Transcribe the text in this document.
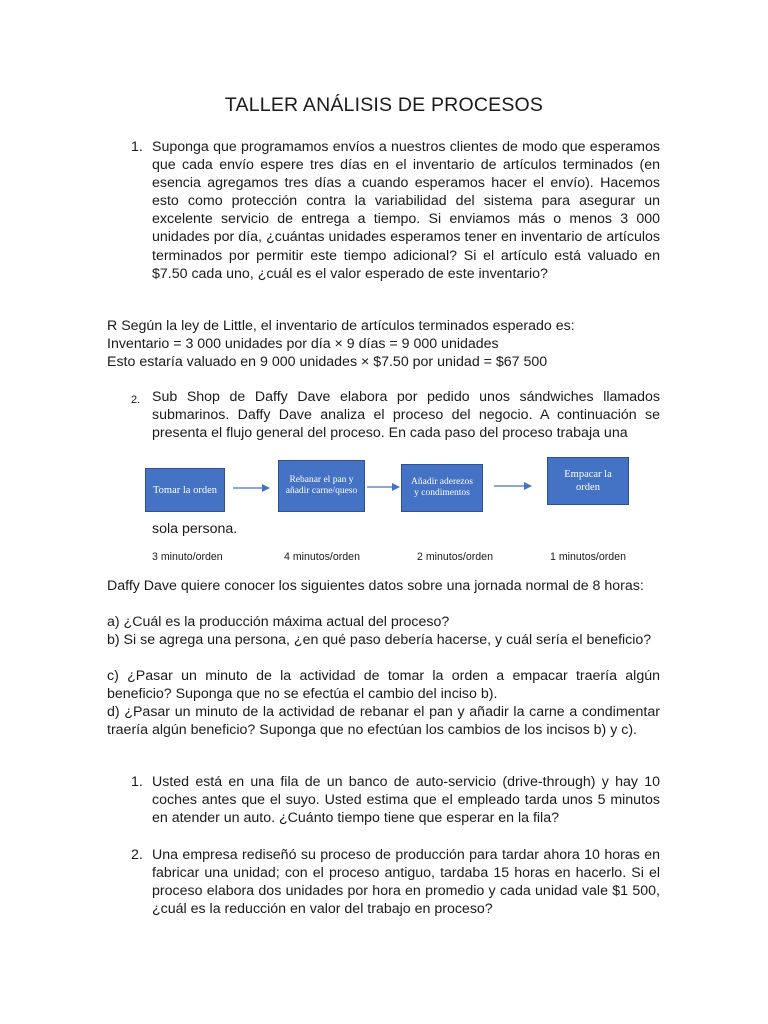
TALLER ANÁLISIS DE PROCESOS
1. Suponga que programamos envíos a nuestros clientes de modo que esperamos que cada envío espere tres días en el inventario de artículos terminados (en esencia agregamos tres días a cuando esperamos hacer el envío). Hacemos esto como protección contra la variabilidad del sistema para asegurar un excelente servicio de entrega a tiempo. Si enviamos más o menos 3 000 unidades por día, ¿cuántas unidades esperamos tener en inventario de artículos terminados por permitir este tiempo adicional? Si el artículo está valuado en $7.50 cada uno, ¿cuál es el valor esperado de este inventario?

R Según la ley de Little, el inventario de artículos terminados esperado es:
Inventario = 3 000 unidades por día × 9 días = 9 000 unidades
Esto estaría valuado en 9 000 unidades × $7.50 por unidad = $67 500
2. Sub Shop de Daffy Dave elabora por pedido unos sándwiches llamados submarinos. Daffy Dave analiza el proceso del negocio. A continuación se presenta el flujo general del proceso. En cada paso del proceso trabaja una

Tomar la orden
Rebanar el pan y añadir carne/queso
Añadir aderezos y condimentos
Empacar la orden
sola persona.
3 minuto/orden	4 minutos/orden	2 minutos/orden	1 minutos/orden

Daffy Dave quiere conocer los siguientes datos sobre una jornada normal de 8 horas:

a) ¿Cuál es la producción máxima actual del proceso?

b) Si se agrega una persona, ¿en qué paso debería hacerse, y cuál sería el beneficio?

c) ¿Pasar un minuto de la actividad de tomar la orden a empacar traería algún beneficio? Suponga que no se efectúa el cambio del inciso b).

d) ¿Pasar un minuto de la actividad de rebanar el pan y añadir la carne a condimentar traería algún beneficio? Suponga que no efectúan los cambios de los incisos b) y c).

1. Usted está en una fila de un banco de auto-servicio (drive-through) y hay 10 coches antes que el suyo. Usted estima que el empleado tarda unos 5 minutos en atender un auto. ¿Cuánto tiempo tiene que esperar en la fila?

2. Una empresa rediseñó su proceso de producción para tardar ahora 10 horas en fabricar una unidad; con el proceso antiguo, tardaba 15 horas en hacerlo. Si el proceso elabora dos unidades por hora en promedio y cada unidad vale $1 500, ¿cuál es la reducción en valor del trabajo en proceso?
